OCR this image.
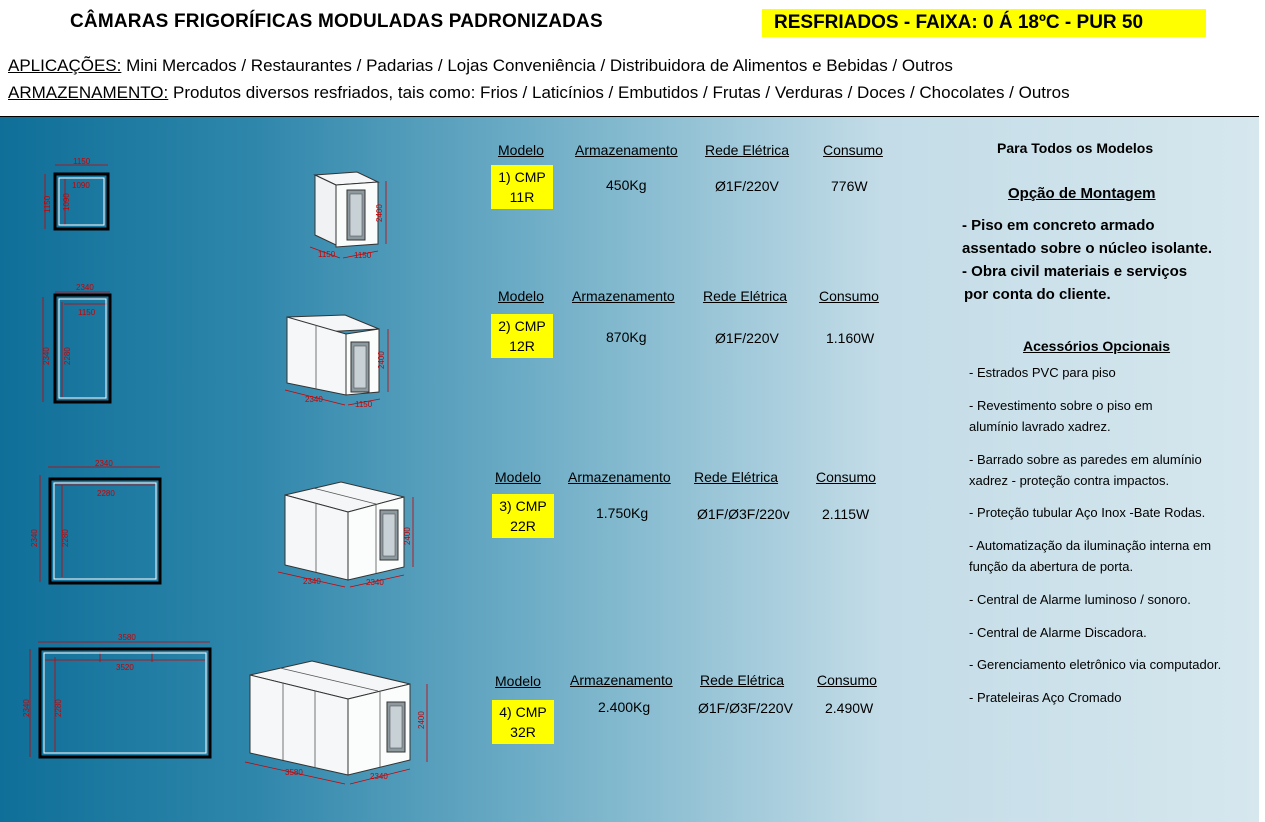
CÂMARAS FRIGORÍFICAS MODULADAS PADRONIZADAS	RESFRIADOS - FAIXA: 0 Á 18ºC - PUR 50
APLICAÇÕES: Mini Mercados / Restaurantes / Padarias / Lojas Conveniência / Distribuidora de Alimentos e Bebidas / Outros
ARMAZENAMENTO: Produtos diversos resfriados, tais como: Frios / Laticínios / Embutidos / Frutas / Verduras / Doces / Chocolates / Outros
1150
1090
1150 1090
2400
1150 1150
2340
1150
2340 2280	2400
2340
1150
2340
2280
2340	2280	2400
2340	2340
3580
3520
2340	2280
2400
3580	2340
Modelo Armazenamento Rede Elétrica Consumo
1) CMP
11R
450Kg	Ø1F/220V	776W
Modelo Armazenamento Rede Elétrica Consumo
2) CMP
12R
870Kg	Ø1F/220V	1.160W
Modelo Armazenamento Rede Elétrica	Consumo
3) CMP
22R
1.750Kg	Ø1F/Ø3F/220v 2.115W
Modelo Armazenamento Rede Elétrica Consumo
4) CMP
32R
2.400Kg	Ø1F/Ø3F/220V 2.490W
Para Todos os Modelos
Opção de Montagem
- Piso em concreto armado
assentado sobre o núcleo isolante.
- Obra civil materiais e serviços
por conta do cliente.
Acessórios Opcionais
- Estrados PVC para piso
- Revestimento sobre o piso em
alumínio lavrado xadrez.
- Barrado sobre as paredes em alumínio
xadrez - proteção contra impactos.
- Proteção tubular Aço Inox -Bate Rodas.
- Automatização da iluminação interna em
função da abertura de porta.
- Central de Alarme luminoso / sonoro.
- Central de Alarme Discadora.
- Gerenciamento eletrônico via computador.
- Prateleiras Aço Cromado
